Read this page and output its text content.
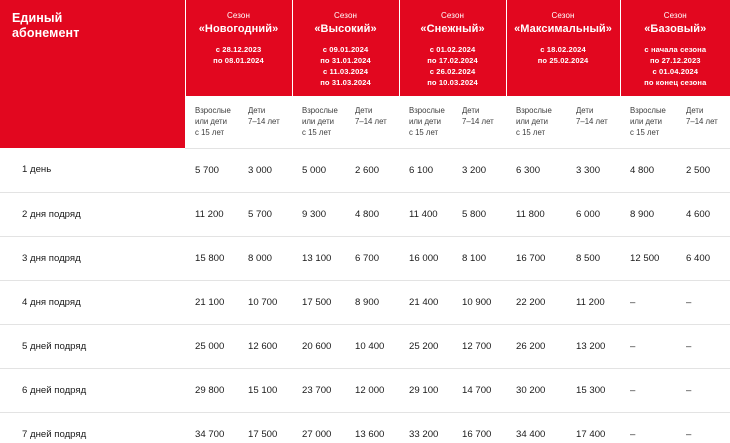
Единый
абонемент

Сезон
«Новогодний»
с 28.12.2023
по 08.01.2024

Сезон
«Высокий»
с 09.01.2024
по 31.01.2024
с 11.03.2024
по 31.03.2024

Сезон
«Снежный»
с 01.02.2024
по 17.02.2024
с 26.02.2024
по 10.03.2024

Сезон
«Максимальный»
с 18.02.2024
по 25.02.2024

Сезон
«Базовый»
с начала сезона
по 27.12.2023
с 01.04.2024
по конец сезона

	Взрослые
или дети
с 15 лет	Дети
7–14 лет	Взрослые
или дети
с 15 лет	Дети
7–14 лет	Взрослые
или дети
с 15 лет	Дети
7–14 лет	Взрослые
или дети
с 15 лет	Дети
7–14 лет	Взрослые
или дети
с 15 лет	Дети
7–14 лет
1 день	5 700	3 000	5 000	2 600	6 100	3 200	6 300	3 300	4 800	2 500
2 дня подряд	11 200	5 700	9 300	4 800	11 400	5 800	11 800	6 000	8 900	4 600
3 дня подряд	15 800	8 000	13 100	6 700	16 000	8 100	16 700	8 500	12 500	6 400
4 дня подряд	21 100	10 700	17 500	8 900	21 400	10 900	22 200	11 200	–	–
5 дней подряд	25 000	12 600	20 600	10 400	25 200	12 700	26 200	13 200	–	–
6 дней подряд	29 800	15 100	23 700	12 000	29 100	14 700	30 200	15 300	–	–
7 дней подряд	34 700	17 500	27 000	13 600	33 200	16 700	34 400	17 400	–	–
